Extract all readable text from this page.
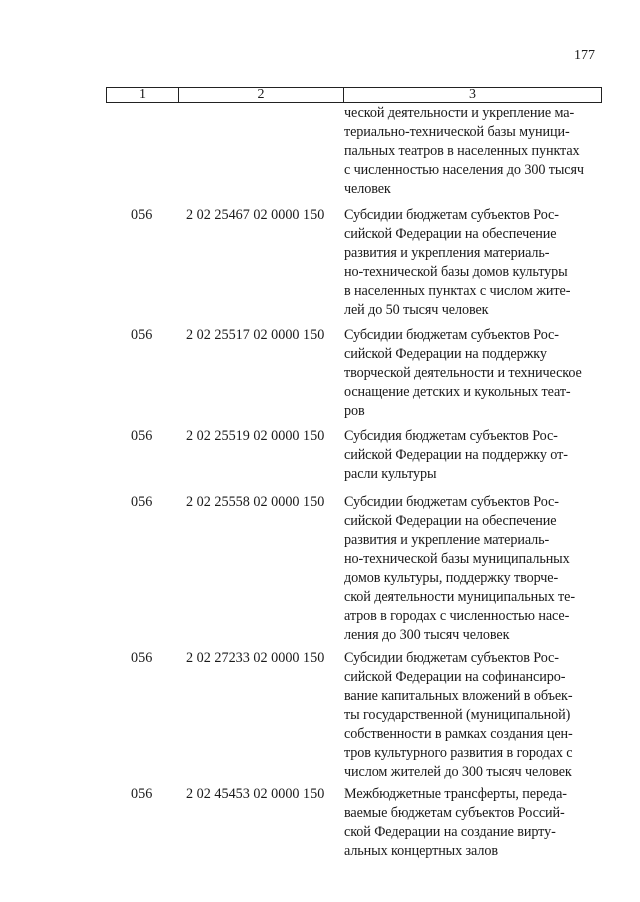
177
1	2	3
ческой деятельности и укрепление ма-
териально-технической базы муници-
пальных театров в населенных пунктах
с численностью населения до 300 тысяч
человек
056 2 02 25467 02 0000 150 Субсидии бюджетам субъектов Рос-
сийской Федерации на обеспечение
развития и укрепления материаль-
но-технической базы домов культуры
в населенных пунктах с числом жите-
лей до 50 тысяч человек
056 2 02 25517 02 0000 150 Субсидии бюджетам субъектов Рос-
сийской Федерации на поддержку
творческой деятельности и техническое
оснащение детских и кукольных теат-
ров
056 2 02 25519 02 0000 150 Субсидия бюджетам субъектов Рос-
сийской Федерации на поддержку от-
расли культуры
056 2 02 25558 02 0000 150 Субсидии бюджетам субъектов Рос-
сийской Федерации на обеспечение
развития и укрепление материаль-
но-технической базы муниципальных
домов культуры, поддержку творче-
ской деятельности муниципальных те-
атров в городах с численностью насе-
ления до 300 тысяч человек
056 2 02 27233 02 0000 150 Субсидии бюджетам субъектов Рос-
сийской Федерации на софинансиро-
вание капитальных вложений в объек-
ты государственной (муниципальной)
собственности в рамках создания цен-
тров культурного развития в городах с
числом жителей до 300 тысяч человек
056 2 02 45453 02 0000 150 Межбюджетные трансферты, переда-
ваемые бюджетам субъектов Россий-
ской Федерации на создание вирту-
альных концертных залов
